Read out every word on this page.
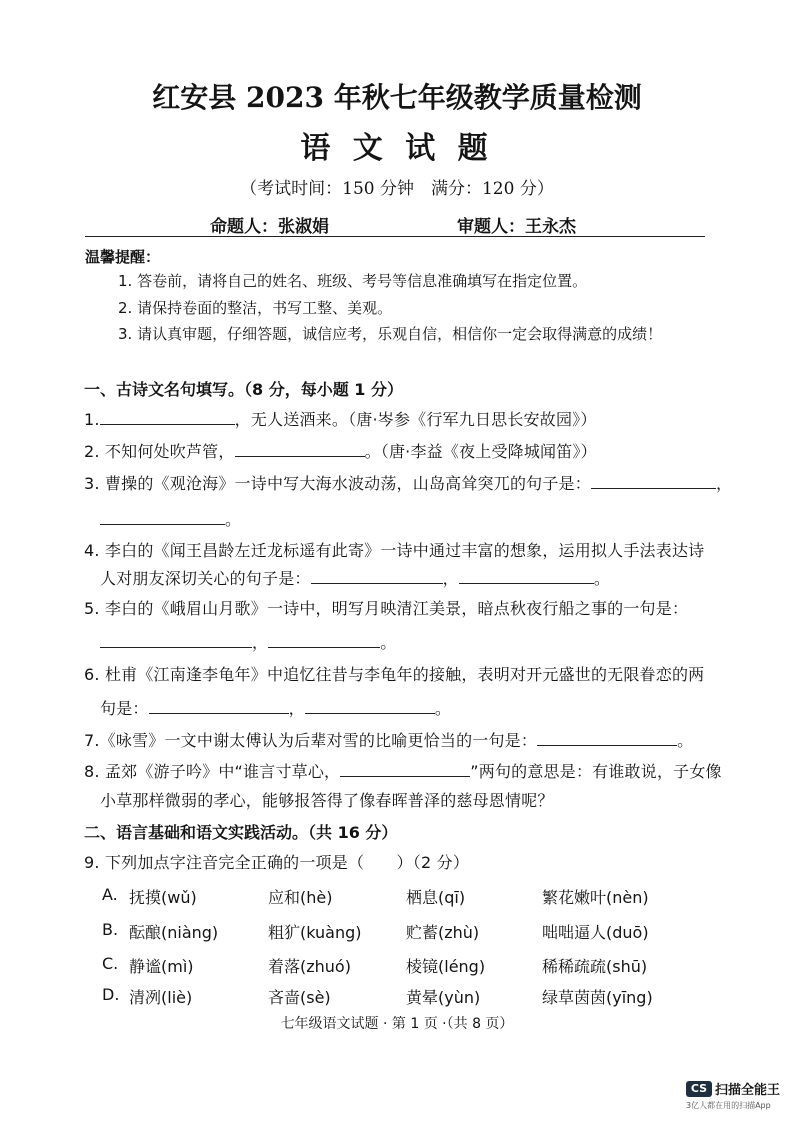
红安县 2023 年秋七年级教学质量检测
语 文 试 题
（考试时间：150 分钟　满分：120 分）
命题人：张淑娟	审题人：王永杰
温馨提醒：
1. 答卷前，请将自己的姓名、班级、考号等信息准确填写在指定位置。
2. 请保持卷面的整洁，书写工整、美观。
3. 请认真审题，仔细答题，诚信应考，乐观自信，相信你一定会取得满意的成绩！
一、古诗文名句填写。（8 分，每小题 1 分）
1.	，无人送酒来。（唐·岑参《行军九日思长安故园》）
2. 不知何处吹芦管，	。（唐·李益《夜上受降城闻笛》）
3. 曹操的《观沧海》一诗中写大海水波动荡，山岛高耸突兀的句子是：	，
。
4. 李白的《闻王昌龄左迁龙标遥有此寄》一诗中通过丰富的想象，运用拟人手法表达诗
人对朋友深切关心的句子是：	，	。
5. 李白的《峨眉山月歌》一诗中，明写月映清江美景，暗点秋夜行船之事的一句是：
，	。
6. 杜甫《江南逢李龟年》中追忆往昔与李龟年的接触，表明对开元盛世的无限眷恋的两
句是：	，	。
7.《咏雪》一文中谢太傅认为后辈对雪的比喻更恰当的一句是：	。
8. 孟郊《游子吟》中“谁言寸草心，	”两句的意思是：有谁敢说，子女像
小草那样微弱的孝心，能够报答得了像春晖普泽的慈母恩情呢？
二、语言基础和语文实践活动。（共 16 分）
9. 下列加点字注音完全正确的一项是（　　）（2 分）
A. 抚摸(wǔ)	应和(hè)	栖息(qī)	繁花嫩叶(nèn)
B. 酝酿(niàng)	粗犷(kuàng)	贮蓄(zhù)	咄咄逼人(duō)
C. 静谧(mì)	着落(zhuó)	棱镜(léng)	稀稀疏疏(shū)
D. 清冽(liè)	吝啬(sè)	黄晕(yùn)	绿草茵茵(yīng)
七年级语文试题 · 第 1 页 ·（共 8 页）
CS 扫描全能王
3亿人都在用的扫描App
